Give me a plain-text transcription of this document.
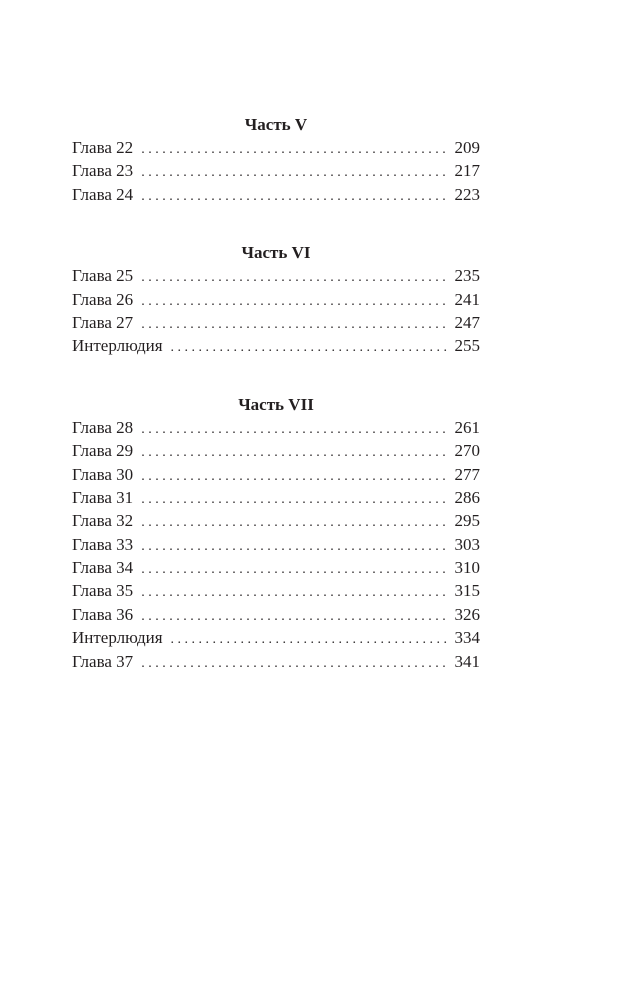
Часть V
Глава 22 . . .	209
Глава 23 . . .	217
Глава 24 . . .	223
Часть VI
Глава 25 . . .	235
Глава 26 . . .	241
Глава 27 . . .	247
Интерлюдия . . .	255
Часть VII
Глава 28 . . .	261
Глава 29 . . .	270
Глава 30 . . .	277
Глава 31 . . .	286
Глава 32 . . .	295
Глава 33 . . .	303
Глава 34 . . .	310
Глава 35 . . .	315
Глава 36 . . .	326
Интерлюдия . . .	334
Глава 37 . . .	341
